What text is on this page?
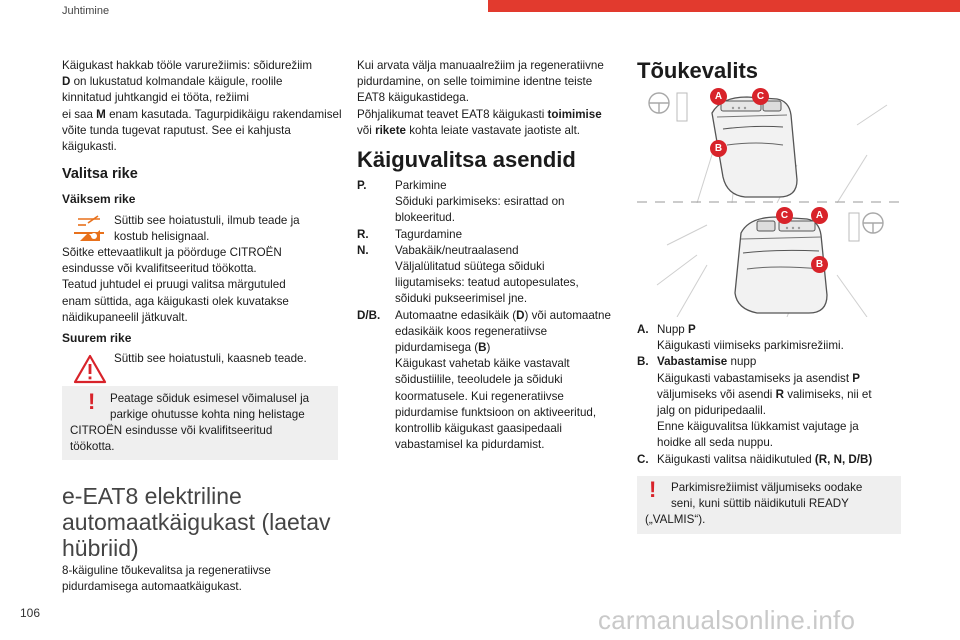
Juhtimine

Käigukast hakkab tööle varurežiimis: sõidurežiim
D on lukustatud kolmandale käigule, roolile
kinnitatud juhtkangid ei tööta, režiimi
ei saa M enam kasutada. Tagurpidikäigu rakendamisel
võite tunda tugevat raputust. See ei kahjusta
käigukasti.

Valitsa rike
Väiksem rike
Süttib see hoiatustuli, ilmub teade ja
kostub helisignaal.
Sõitke ettevaatlikult ja pöörduge CITROËN
esindusse või kvalifitseeritud töökotta.
Teatud juhtudel ei pruugi valitsa märgutuled
enam süttida, aga käigukasti olek kuvatakse
näidikupaneelil jätkuvalt.
Suurem rike
Süttib see hoiatustuli, kaasneb teade.
! Peatage sõiduk esimesel võimalusel ja
parkige ohutusse kohta ning helistage
CITROËN esindusse või kvalifitseeritud
töökotta.
e-EAT8 elektriline
automaatkäigukast (laetav
hübriid)
8-käiguline tõukevalitsa ja regeneratiivse
pidurdamisega automaatkäigukast.
Kui arvata välja manuaalrežiim ja regeneratiivne
pidurdamine, on selle toimimine identne teiste
EAT8 käigukastidega.
Põhjalikumat teavet EAT8 käigukasti toimimise
või rikete kohta leiate vastavate jaotiste alt.
Käiguvalitsa asendid
P.	Parkimine
Sõiduki parkimiseks: esirattad on
blokeeritud.
R.	Tagurdamine
N.	Vabakäik/neutraalasend
Väljalülitatud süütega sõiduki
liigutamiseks: teatud autopesulates,
sõiduki pukseerimisel jne.
D/B.	Automaatne edasikäik (D) või automaatne
edasikäik koos regeneratiivse
pidurdamisega (B)
Käigukast vahetab käike vastavalt
sõidustiilile, teeoludele ja sõiduki
koormatusele. Kui regeneratiivse
pidurdamise funktsioon on aktiveeritud,
kontrollib käigukast gaasipedaali
vabastamisel ka pidurdamist.
Tõukevalits
A	C
B
C	A
B
A. Nupp P
Käigukasti viimiseks parkimisrežiimi.
B. Vabastamise nupp

Käigukasti vabastamiseks ja asendist P
väljumiseks või asendi R valimiseks, nii et
jalg on piduripedaalil.
Enne käiguvalitsa lükkamist vajutage ja
hoidke all seda nuppu.
C. Käigukasti valitsa näidikutuled (R, N, D/B)
! Parkimisrežiimist väljumiseks oodake
seni, kuni süttib näidikutuli READY
(„VALMIS“).
106	carmanualsonline.info
